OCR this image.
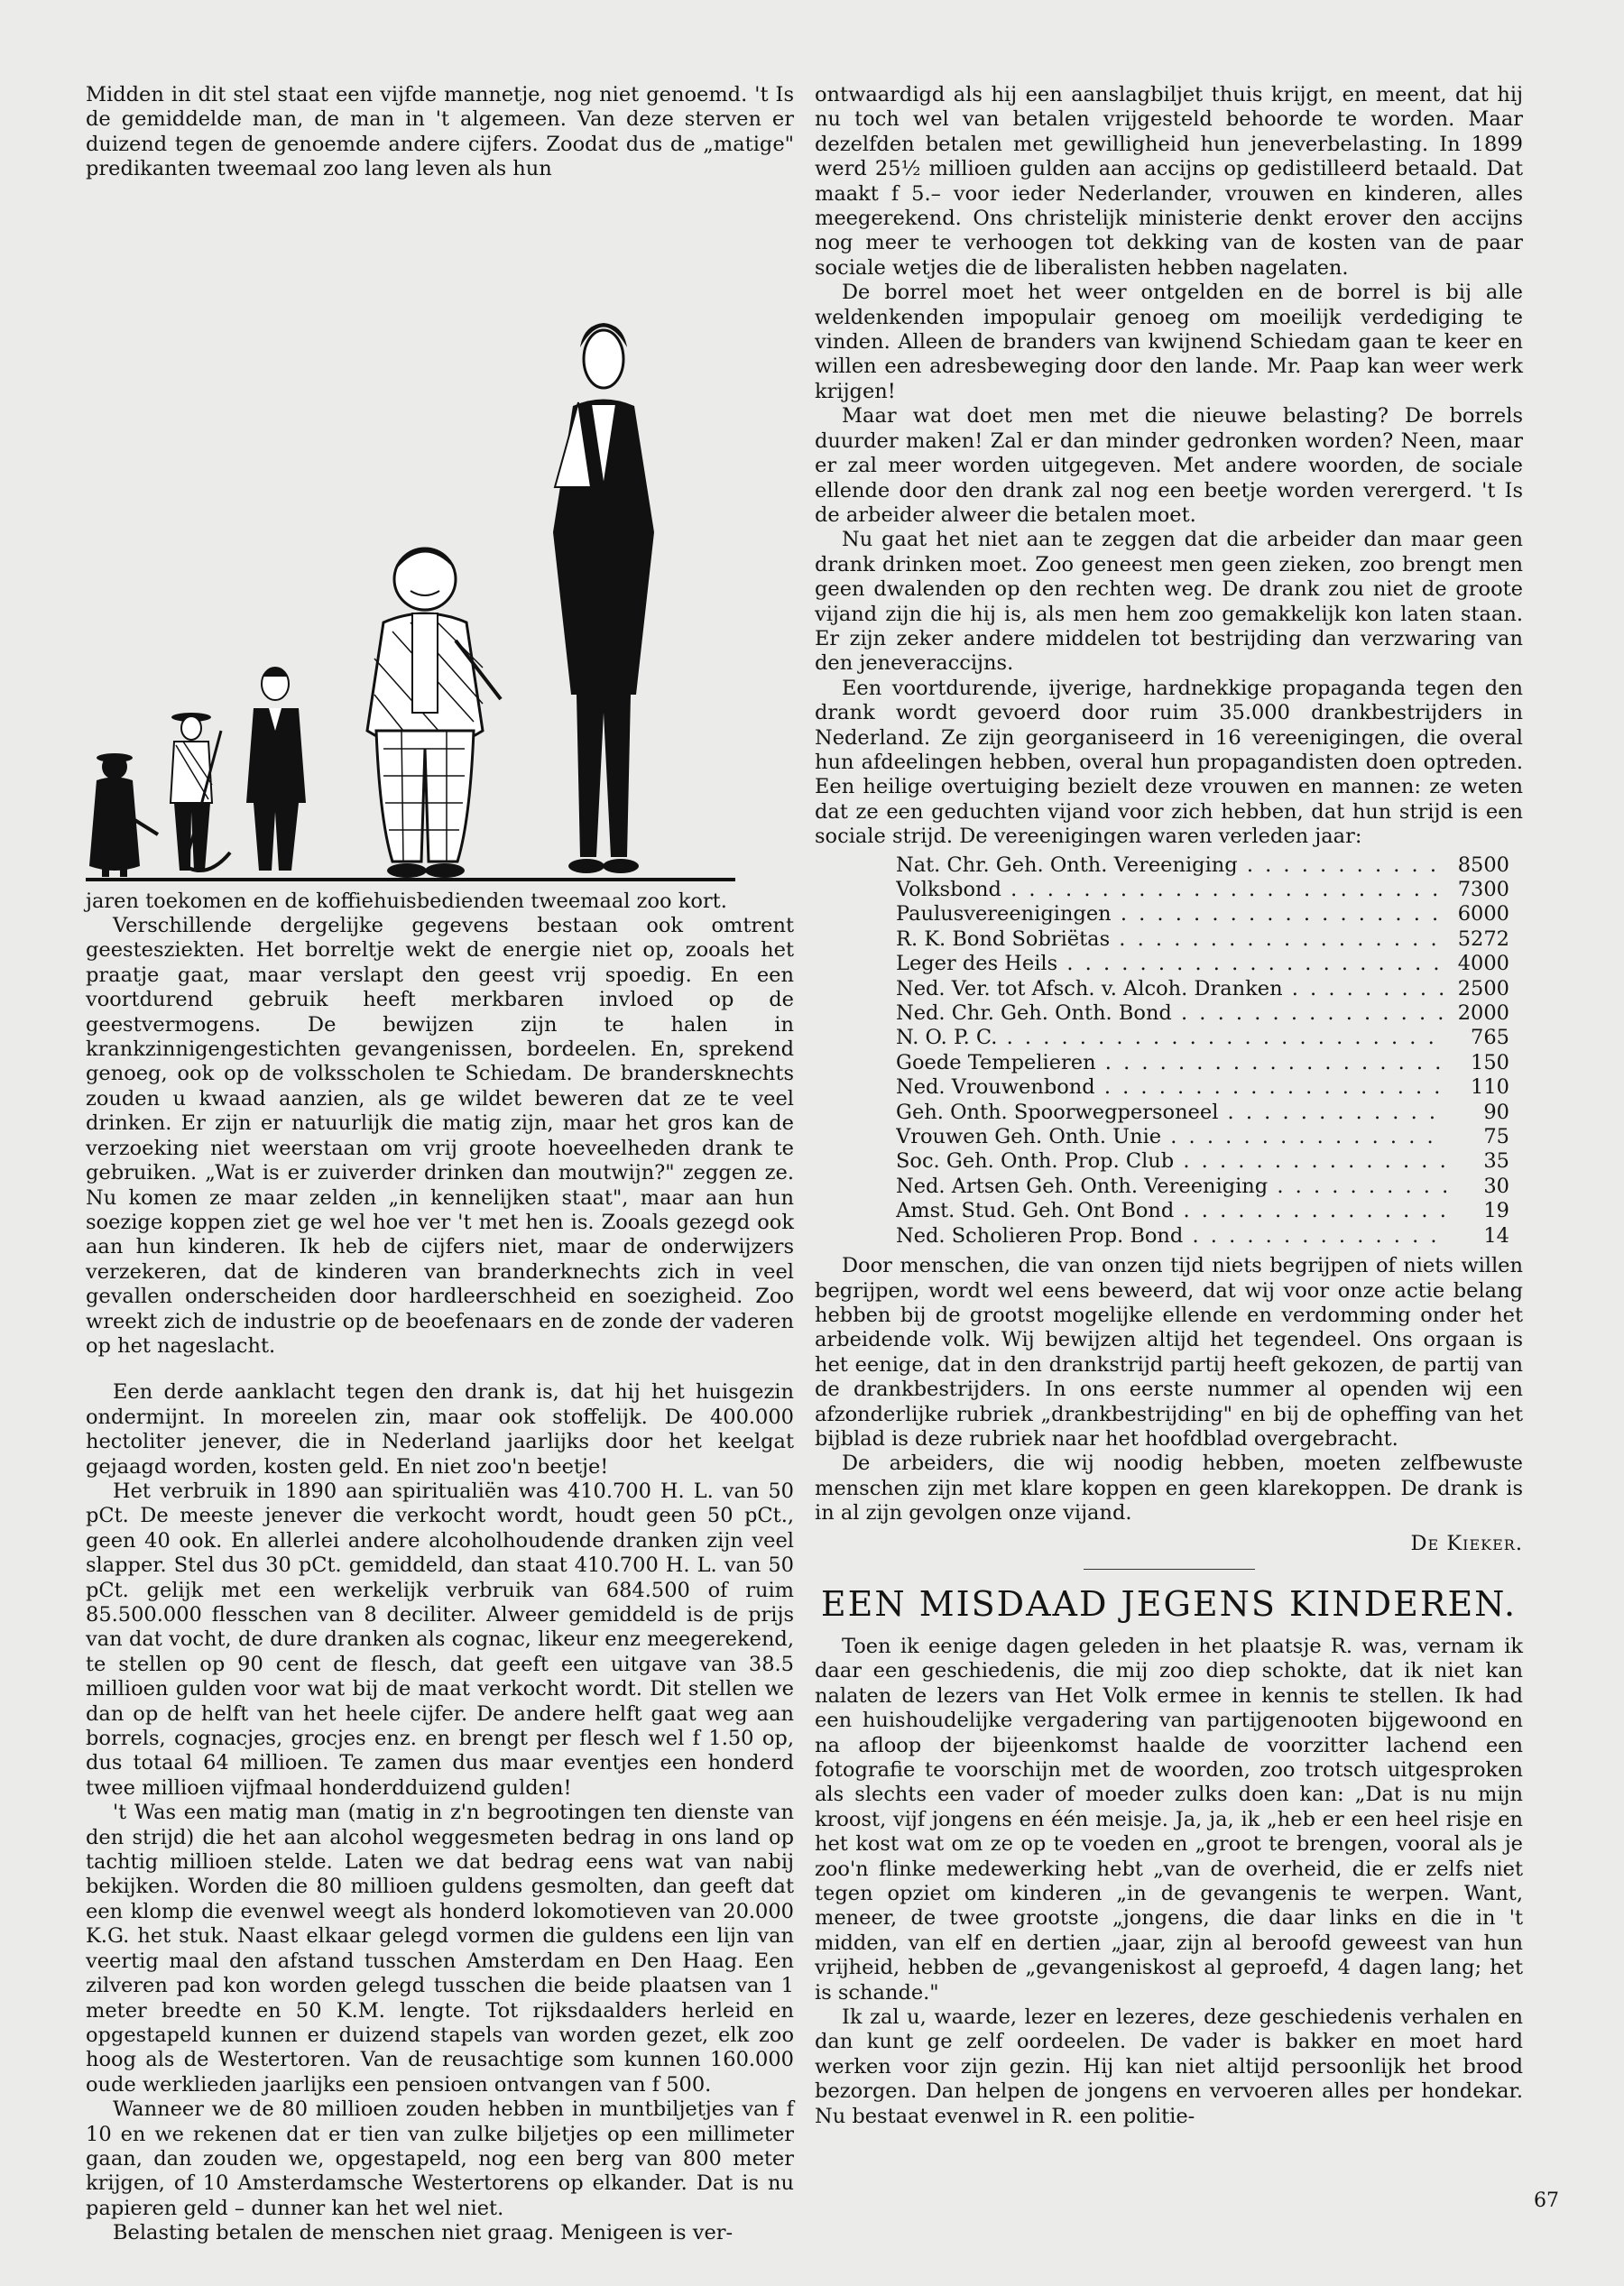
Midden in dit stel staat een vijfde mannetje, nog niet genoemd. 't Is de gemiddelde man, de man in 't algemeen. Van deze sterven er duizend tegen de genoemde andere cijfers. Zoodat dus de „matige" predikanten tweemaal zoo lang leven als hun

jaren toekomen en de koffiehuisbedienden tweemaal zoo kort.

Verschillende dergelijke gegevens bestaan ook omtrent geestesziekten. Het borreltje wekt de energie niet op, zooals het praatje gaat, maar verslapt den geest vrij spoedig. En een voortdurend gebruik heeft merkbaren invloed op de geestvermogens. De bewijzen zijn te halen in krankzinnigengestichten gevangenissen, bordeelen. En, sprekend genoeg, ook op de volksscholen te Schiedam. De brandersknechts zouden u kwaad aanzien, als ge wildet beweren dat ze te veel drinken. Er zijn er natuurlijk die matig zijn, maar het gros kan de verzoeking niet weerstaan om vrij groote hoeveelheden drank te gebruiken. „Wat is er zuiverder drinken dan moutwijn?" zeggen ze. Nu komen ze maar zelden „in kennelijken staat", maar aan hun soezige koppen ziet ge wel hoe ver 't met hen is. Zooals gezegd ook aan hun kinderen. Ik heb de cijfers niet, maar de onderwijzers verzekeren, dat de kinderen van branderknechts zich in veel gevallen onderscheiden door hardleerschheid en soezigheid. Zoo wreekt zich de industrie op de beoefenaars en de zonde der vaderen op het nageslacht.

Een derde aanklacht tegen den drank is, dat hij het huisgezin ondermijnt. In moreelen zin, maar ook stoffelijk. De 400.000 hectoliter jenever, die in Nederland jaarlijks door het keelgat gejaagd worden, kosten geld. En niet zoo'n beetje!

Het verbruik in 1890 aan spiritualiën was 410.700 H. L. van 50 pCt. De meeste jenever die verkocht wordt, houdt geen 50 pCt., geen 40 ook. En allerlei andere alcoholhoudende dranken zijn veel slapper. Stel dus 30 pCt. gemiddeld, dan staat 410.700 H. L. van 50 pCt. gelijk met een werkelijk verbruik van 684.500 of ruim 85.500.000 flesschen van 8 deciliter. Alweer gemiddeld is de prijs van dat vocht, de dure dranken als cognac, likeur enz meegerekend, te stellen op 90 cent de flesch, dat geeft een uitgave van 38.5 millioen gulden voor wat bij de maat verkocht wordt. Dit stellen we dan op de helft van het heele cijfer. De andere helft gaat weg aan borrels, cognacjes, grocjes enz. en brengt per flesch wel f 1.50 op, dus totaal 64 millioen. Te zamen dus maar eventjes een honderd twee millioen vijfmaal honderdduizend gulden!

't Was een matig man (matig in z'n begrootingen ten dienste van den strijd) die het aan alcohol weggesmeten bedrag in ons land op tachtig millioen stelde. Laten we dat bedrag eens wat van nabij bekijken. Worden die 80 millioen guldens gesmolten, dan geeft dat een klomp die evenwel weegt als honderd lokomotieven van 20.000 K.G. het stuk. Naast elkaar gelegd vormen die guldens een lijn van veertig maal den afstand tusschen Amsterdam en Den Haag. Een zilveren pad kon worden gelegd tusschen die beide plaatsen van 1 meter breedte en 50 K.M. lengte. Tot rijksdaalders herleid en opgestapeld kunnen er duizend stapels van worden gezet, elk zoo hoog als de Westertoren. Van de reusachtige som kunnen 160.000 oude werklieden jaarlijks een pensioen ontvangen van f 500.

Wanneer we de 80 millioen zouden hebben in muntbiljetjes van f 10 en we rekenen dat er tien van zulke biljetjes op een millimeter gaan, dan zouden we, opgestapeld, nog een berg van 800 meter krijgen, of 10 Amsterdamsche Westertorens op elkander. Dat is nu papieren geld – dunner kan het wel niet.

Belasting betalen de menschen niet graag. Menigeen is ver-

ontwaardigd als hij een aanslagbiljet thuis krijgt, en meent, dat hij nu toch wel van betalen vrijgesteld behoorde te worden. Maar dezelfden betalen met gewilligheid hun jeneverbelasting. In 1899 werd 25½ millioen gulden aan accijns op gedistilleerd betaald. Dat maakt f 5.– voor ieder Nederlander, vrouwen en kinderen, alles meegerekend. Ons christelijk ministerie denkt erover den accijns nog meer te verhoogen tot dekking van de kosten van de paar sociale wetjes die de liberalisten hebben nagelaten.

De borrel moet het weer ontgelden en de borrel is bij alle weldenkenden impopulair genoeg om moeilijk verdediging te vinden. Alleen de branders van kwijnend Schiedam gaan te keer en willen een adresbeweging door den lande. Mr. Paap kan weer werk krijgen!

Maar wat doet men met die nieuwe belasting? De borrels duurder maken! Zal er dan minder gedronken worden? Neen, maar er zal meer worden uitgegeven. Met andere woorden, de sociale ellende door den drank zal nog een beetje worden verergerd. 't Is de arbeider alweer die betalen moet.

Nu gaat het niet aan te zeggen dat die arbeider dan maar geen drank drinken moet. Zoo geneest men geen zieken, zoo brengt men geen dwalenden op den rechten weg. De drank zou niet de groote vijand zijn die hij is, als men hem zoo gemakkelijk kon laten staan. Er zijn zeker andere middelen tot bestrijding dan verzwaring van den jeneveraccijns.

Een voortdurende, ijverige, hardnekkige propaganda tegen den drank wordt gevoerd door ruim 35.000 drankbestrijders in Nederland. Ze zijn georganiseerd in 16 vereenigingen, die overal hun afdeelingen hebben, overal hun propagandisten doen optreden. Een heilige overtuiging bezielt deze vrouwen en mannen: ze weten dat ze een geduchten vijand voor zich hebben, dat hun strijd is een sociale strijd. De vereenigingen waren verleden jaar:

Nat. Chr. Geh. Onth. Vereeniging . . .	8500
Volksbond . . .	7300
Paulusvereenigingen . . .	6000
R. K. Bond Sobriëtas . . .	5272
Leger des Heils . . .	4000
Ned. Ver. tot Afsch. v. Alcoh. Dranken . . .	2500
Ned. Chr. Geh. Onth. Bond . . .	2000
N. O. P. C. . . .	765
Goede Tempelieren . . .	150
Ned. Vrouwenbond . . .	110
Geh. Onth. Spoorwegpersoneel . . .	90
Vrouwen Geh. Onth. Unie . . .	75
Soc. Geh. Onth. Prop. Club . . .	35
Ned. Artsen Geh. Onth. Vereeniging . . .	30
Amst. Stud. Geh. Ont Bond . . .	19
Ned. Scholieren Prop. Bond . . .	14

Door menschen, die van onzen tijd niets begrijpen of niets willen begrijpen, wordt wel eens beweerd, dat wij voor onze actie belang hebben bij de grootst mogelijke ellende en verdomming onder het arbeidende volk. Wij bewijzen altijd het tegendeel. Ons orgaan is het eenige, dat in den drankstrijd partij heeft gekozen, de partij van de drankbestrijders. In ons eerste nummer al openden wij een afzonderlijke rubriek „drankbestrijding" en bij de opheffing van het bijblad is deze rubriek naar het hoofdblad overgebracht.

De arbeiders, die wij noodig hebben, moeten zelfbewuste menschen zijn met klare koppen en geen klarekoppen. De drank is in al zijn gevolgen onze vijand.

De Kieker.
EEN MISDAAD JEGENS KINDEREN.

Toen ik eenige dagen geleden in het plaatsje R. was, vernam ik daar een geschiedenis, die mij zoo diep schokte, dat ik niet kan nalaten de lezers van Het Volk ermee in kennis te stellen. Ik had een huishoudelijke vergadering van partijgenooten bijgewoond en na afloop der bijeenkomst haalde de voorzitter lachend een fotografie te voorschijn met de woorden, zoo trotsch uitgesproken als slechts een vader of moeder zulks doen kan: „Dat is nu mijn kroost, vijf jongens en één meisje. Ja, ja, ik „heb er een heel risje en het kost wat om ze op te voeden en „groot te brengen, vooral als je zoo'n flinke medewerking hebt „van de overheid, die er zelfs niet tegen opziet om kinderen „in de gevangenis te werpen. Want, meneer, de twee grootste „jongens, die daar links en die in 't midden, van elf en dertien „jaar, zijn al beroofd geweest van hun vrijheid, hebben de „gevangeniskost al geproefd, 4 dagen lang; het is schande."

Ik zal u, waarde, lezer en lezeres, deze geschiedenis verhalen en dan kunt ge zelf oordeelen. De vader is bakker en moet hard werken voor zijn gezin. Hij kan niet altijd persoonlijk het brood bezorgen. Dan helpen de jongens en vervoeren alles per hondekar. Nu bestaat evenwel in R. een politie-

67
